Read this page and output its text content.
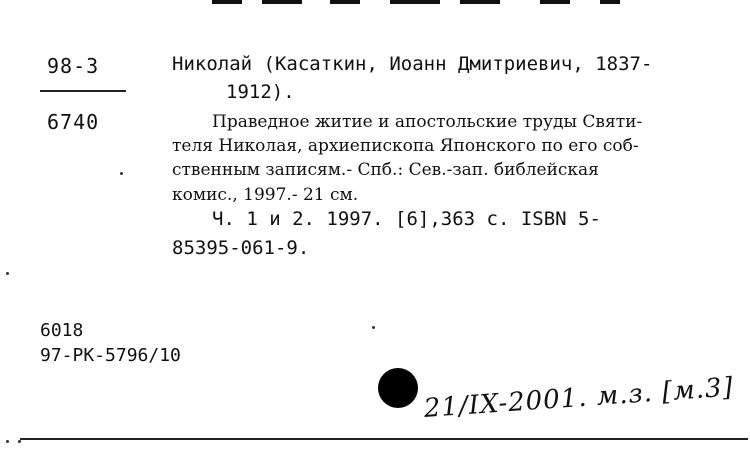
98-3
6740
Николай (Касаткин, Иоанн Дмитриевич, 1837-
1912).
Праведное житие и апостольские труды Святи-
теля Николая, архиепископа Японского по его соб-
ственным записям.- Спб.: Сев.-зап. библейская
комис., 1997.- 21 см.
Ч. 1 и 2. 1997. [6],363 с. ISBN 5-
85395-061-9.
6018
97-РК-5796/10
21/IX-2001. м.з. [м.3]
